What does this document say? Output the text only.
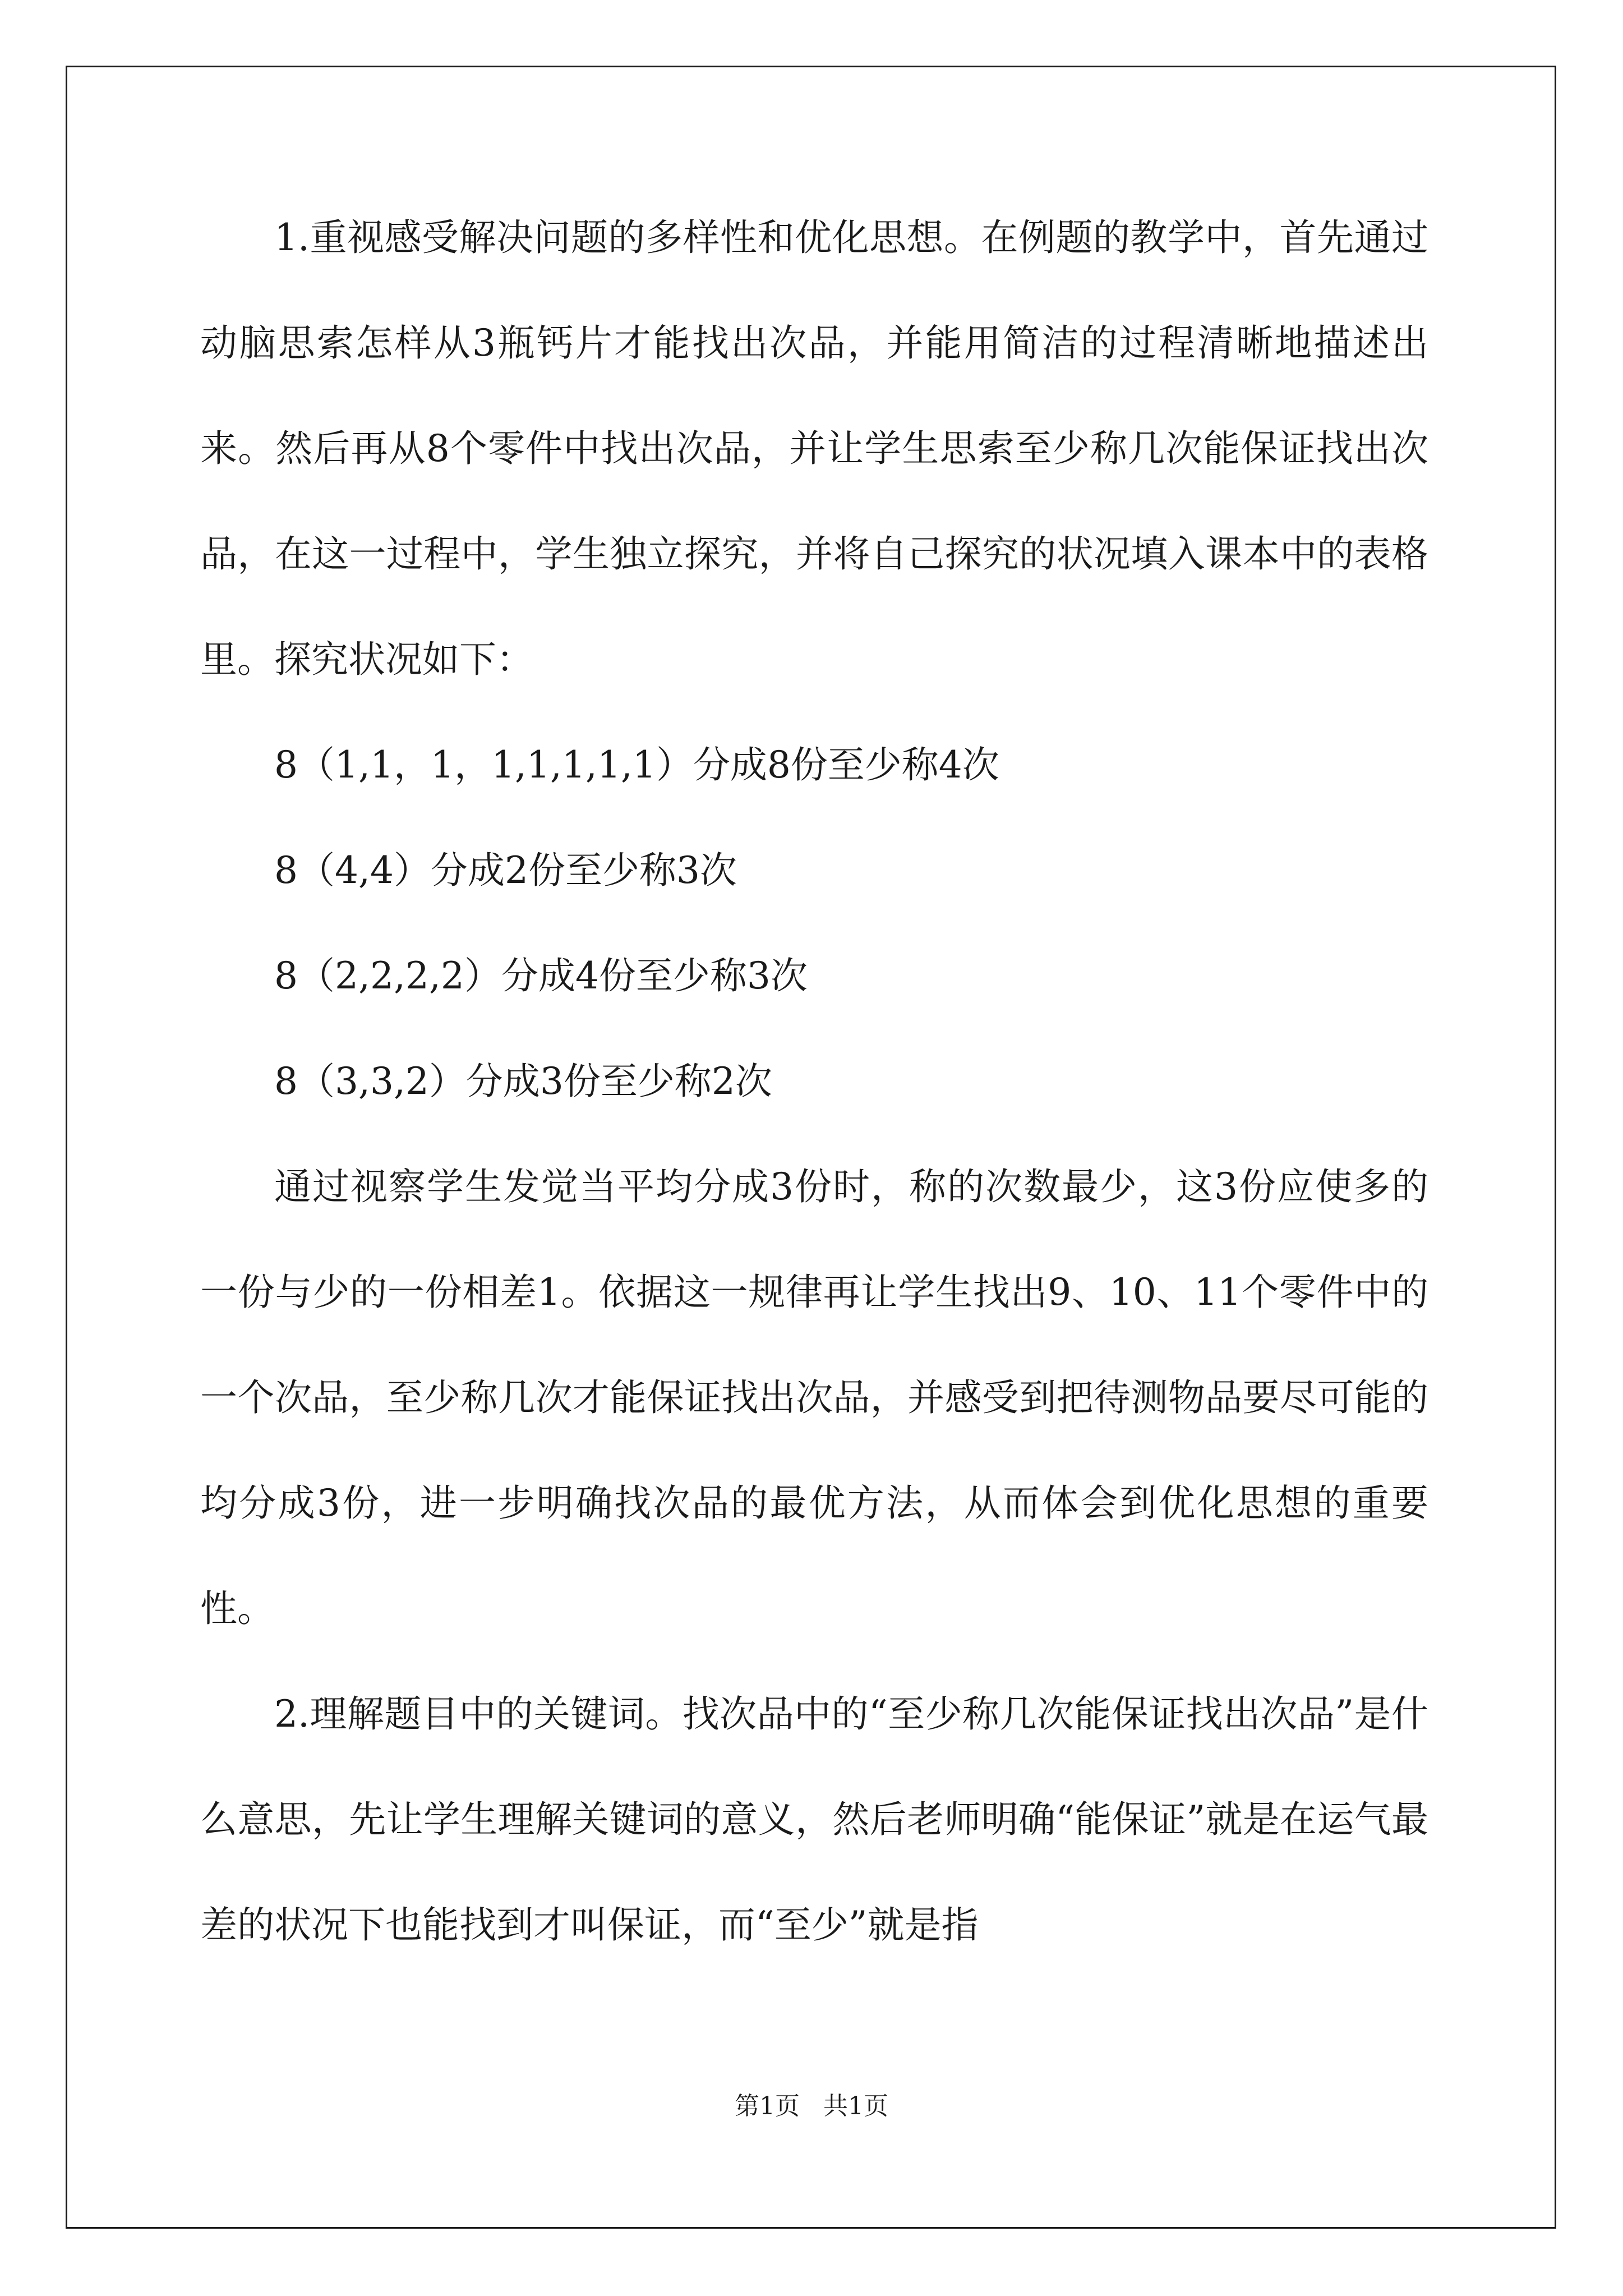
1.重视感受解决问题的多样性和优化思想。在例题的教学中，首先通过动脑思索怎样从3瓶钙片才能找出次品，并能用简洁的过程清晰地描述出来。然后再从8个零件中找出次品，并让学生思索至少称几次能保证找出次品，在这一过程中，学生独立探究，并将自己探究的状况填入课本中的表格里。探究状况如下：

8（1,1，1，1,1,1,1,1）分成8份至少称4次

8（4,4）分成2份至少称3次

8（2,2,2,2）分成4份至少称3次

8（3,3,2）分成3份至少称2次

通过视察学生发觉当平均分成3份时，称的次数最少，这3份应使多的一份与少的一份相差1。依据这一规律再让学生找出9、10、11个零件中的一个次品，至少称几次才能保证找出次品，并感受到把待测物品要尽可能的均分成3份，进一步明确找次品的最优方法，从而体会到优化思想的重要性。

2.理解题目中的关键词。找次品中的“至少称几次能保证找出次品”是什么意思，先让学生理解关键词的意义，然后老师明确“能保证”就是在运气最差的状况下也能找到才叫保证，而“至少”就是指

第1页 共1页
